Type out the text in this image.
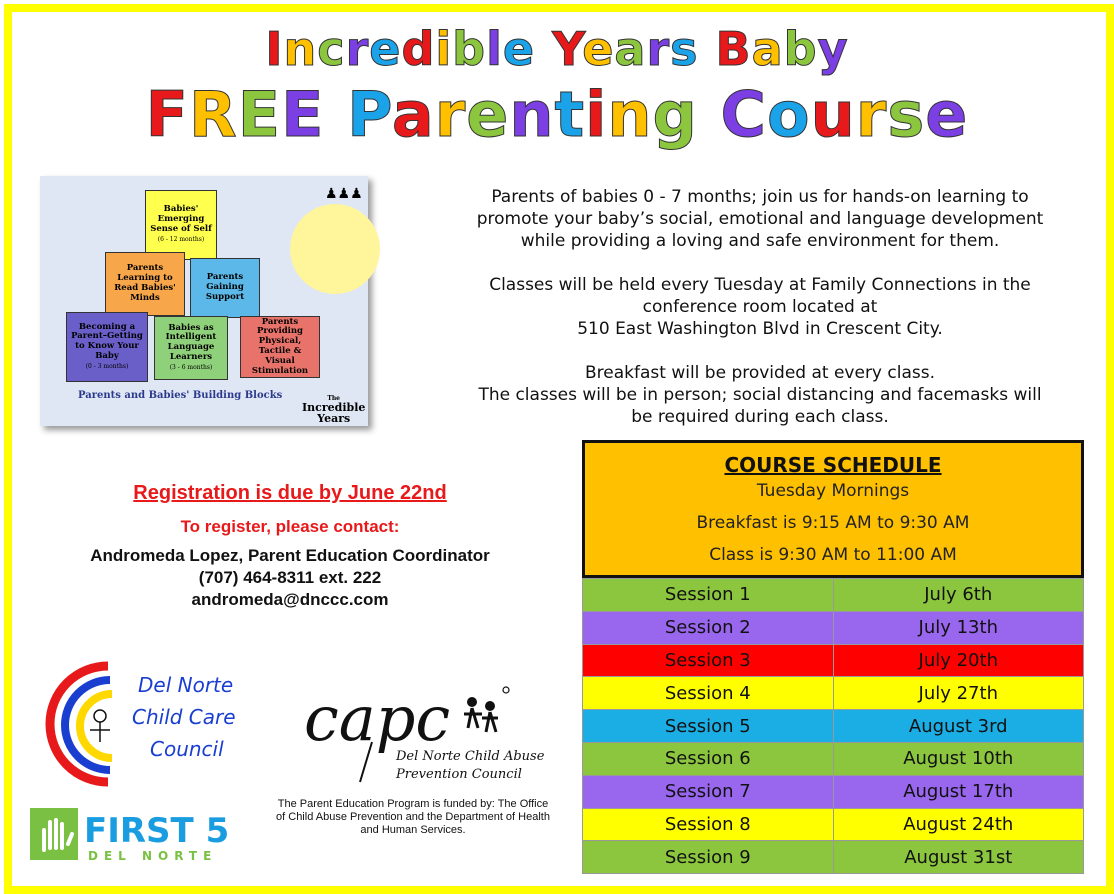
Incredible Years Baby
FREE Parenting Course
♟♟♟
Babies' Emerging Sense of Self
(6 - 12 months)
Parents Learning to Read Babies' Minds
Parents Gaining Support
Becoming a Parent–Getting to Know Your Baby
(0 - 3 months)
Babies as Intelligent Language Learners
(3 - 6 months)
Parents Providing Physical, Tactile & Visual Stimulation
Parents and Babies' Building Blocks	The
Incredible
Years

Parents of babies 0 - 7 months; join us for hands-on learning to
promote your baby’s social, emotional and language development
while providing a loving and safe environment for them.

Classes will be held every Tuesday at Family Connections in the
conference room located at
510 East Washington Blvd in Crescent City.

Breakfast will be provided at every class.
The classes will be in person; social distancing and facemasks will
be required during each class.

Registration is due by June 22nd
To register, please contact:
Andromeda Lopez, Parent Education Coordinator
(707) 464-8311 ext. 222
andromeda@dnccc.com
Del Norte
Child Care
Council
FIRST 5
DEL NORTE
capc
Del Norte Child Abuse
Prevention Council
The Parent Education Program is funded by: The Office of Child Abuse Prevention and the Department of Health and Human Services.
COURSE SCHEDULE
Tuesday Mornings
Breakfast is 9:15 AM to 9:30 AM
Class is 9:30 AM to 11:00 AM
Session 1	July 6th
Session 2	July 13th
Session 3	July 20th
Session 4	July 27th
Session 5	August 3rd
Session 6	August 10th
Session 7	August 17th
Session 8	August 24th
Session 9	August 31st
